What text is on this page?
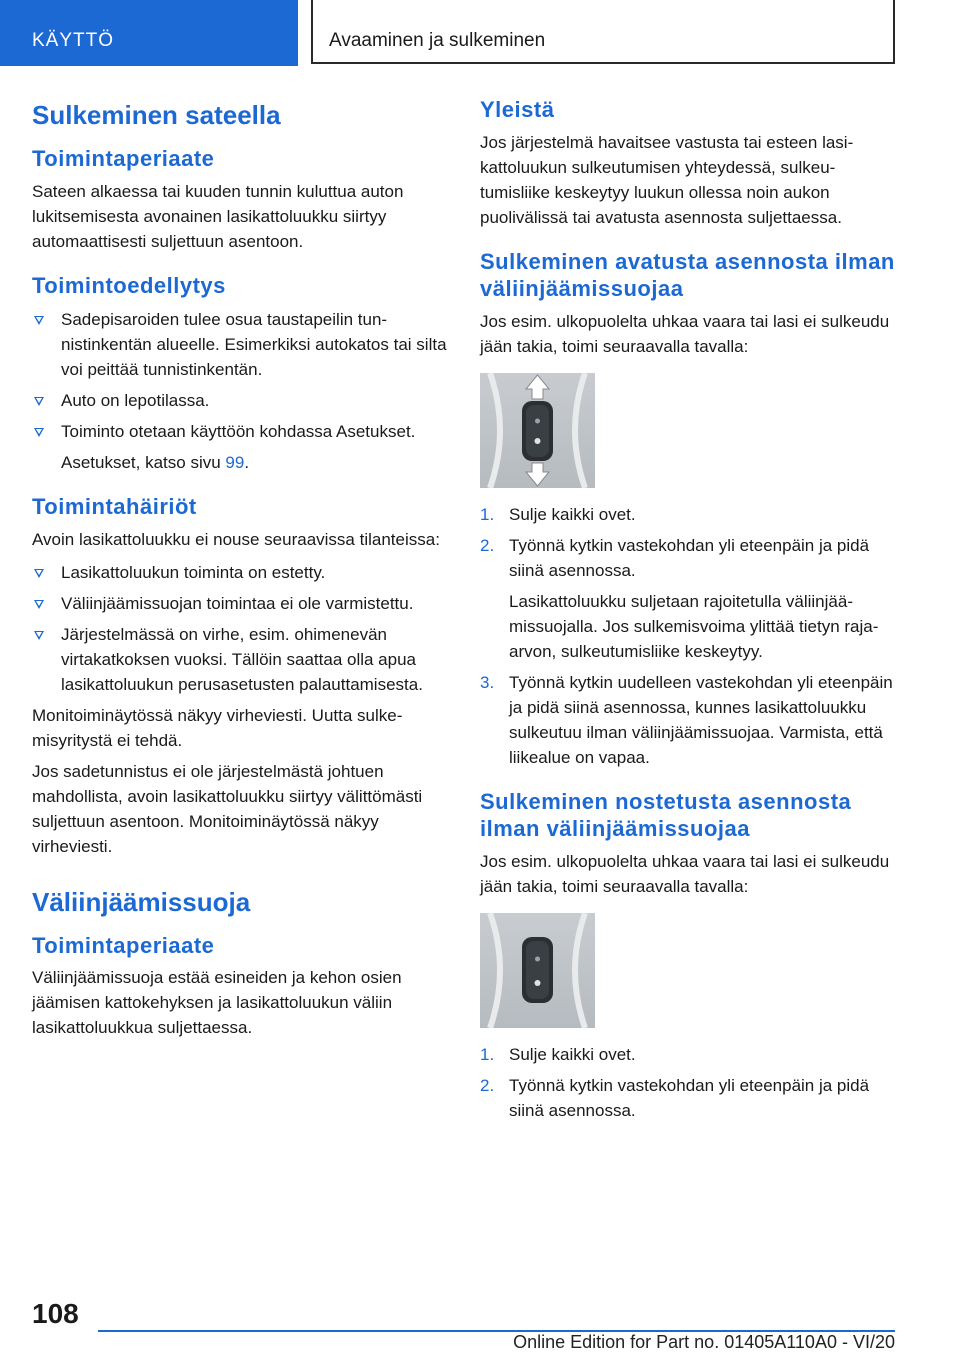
KÄYTTÖ	Avaaminen ja sulkeminen
Sulkeminen sateella
Toimintaperiaate

Sateen alkaessa tai kuuden tunnin kuluttua auton lukitsemisesta avonainen lasikattoluukku siirtyy automaattisesti suljettuun asentoon.

Toimintoedellytys
Sadepisaroiden tulee osua taustapeilin tunnistinkentän alueelle. Esimerkiksi autokatos tai silta voi peittää tunnistinkentän.
Auto on lepotilassa.
Toiminto otetaan käyttöön kohdassa Asetukset.
Asetukset, katso sivu 99.
Toimintahäiriöt

Avoin lasikattoluukku ei nouse seuraavissa tilanteissa:

Lasikattoluukun toiminta on estetty.
Väliinjäämissuojan toimintaa ei ole varmistettu.
Järjestelmässä on virhe, esim. ohimenevän virtakatkoksen vuoksi. Tällöin saattaa olla apua lasikattoluukun perusasetusten palauttamisesta.

Monitoiminäytössä näkyy virheviesti. Uutta sulkemisyritystä ei tehdä.

Jos sadetunnistus ei ole järjestelmästä johtuen mahdollista, avoin lasikattoluukku siirtyy välittömästi suljettuun asentoon. Monitoiminäytössä näkyy virheviesti.

Väliinjäämissuoja
Toimintaperiaate

Väliinjäämissuoja estää esineiden ja kehon osien jäämisen kattokehyksen ja lasikattoluukun väliin lasikattoluukkua suljettaessa.

Yleistä

Jos järjestelmä havaitsee vastusta tai esteen lasikattoluukun sulkeutumisen yhteydessä, sulkeutumisliike keskeytyy luukun ollessa noin aukon puolivälissä tai avatusta asennosta suljettaessa.

Sulkeminen avatusta asennosta ilman väliinjäämissuojaa

Jos esim. ulkopuolelta uhkaa vaara tai lasi ei sulkeudu jään takia, toimi seuraavalla tavalla:

1. Sulje kaikki ovet.
2. Työnnä kytkin vastekohdan yli eteenpäin ja pidä siinä asennossa.
Lasikattoluukku suljetaan rajoitetulla väliinjäämissuojalla. Jos sulkemisvoima ylittää tietyn raja-arvon, sulkeutumisliike keskeytyy.
3. Työnnä kytkin uudelleen vastekohdan yli eteenpäin ja pidä siinä asennossa, kunnes lasikattoluukku sulkeutuu ilman väliinjäämissuojaa. Varmista, että liikealue on vapaa.
Sulkeminen nostetusta asennosta ilman väliinjäämissuojaa

Jos esim. ulkopuolelta uhkaa vaara tai lasi ei sulkeudu jään takia, toimi seuraavalla tavalla:

1. Sulje kaikki ovet.
2. Työnnä kytkin vastekohdan yli eteenpäin ja pidä siinä asennossa.
108
Online Edition for Part no. 01405A110A0 - VI/20
